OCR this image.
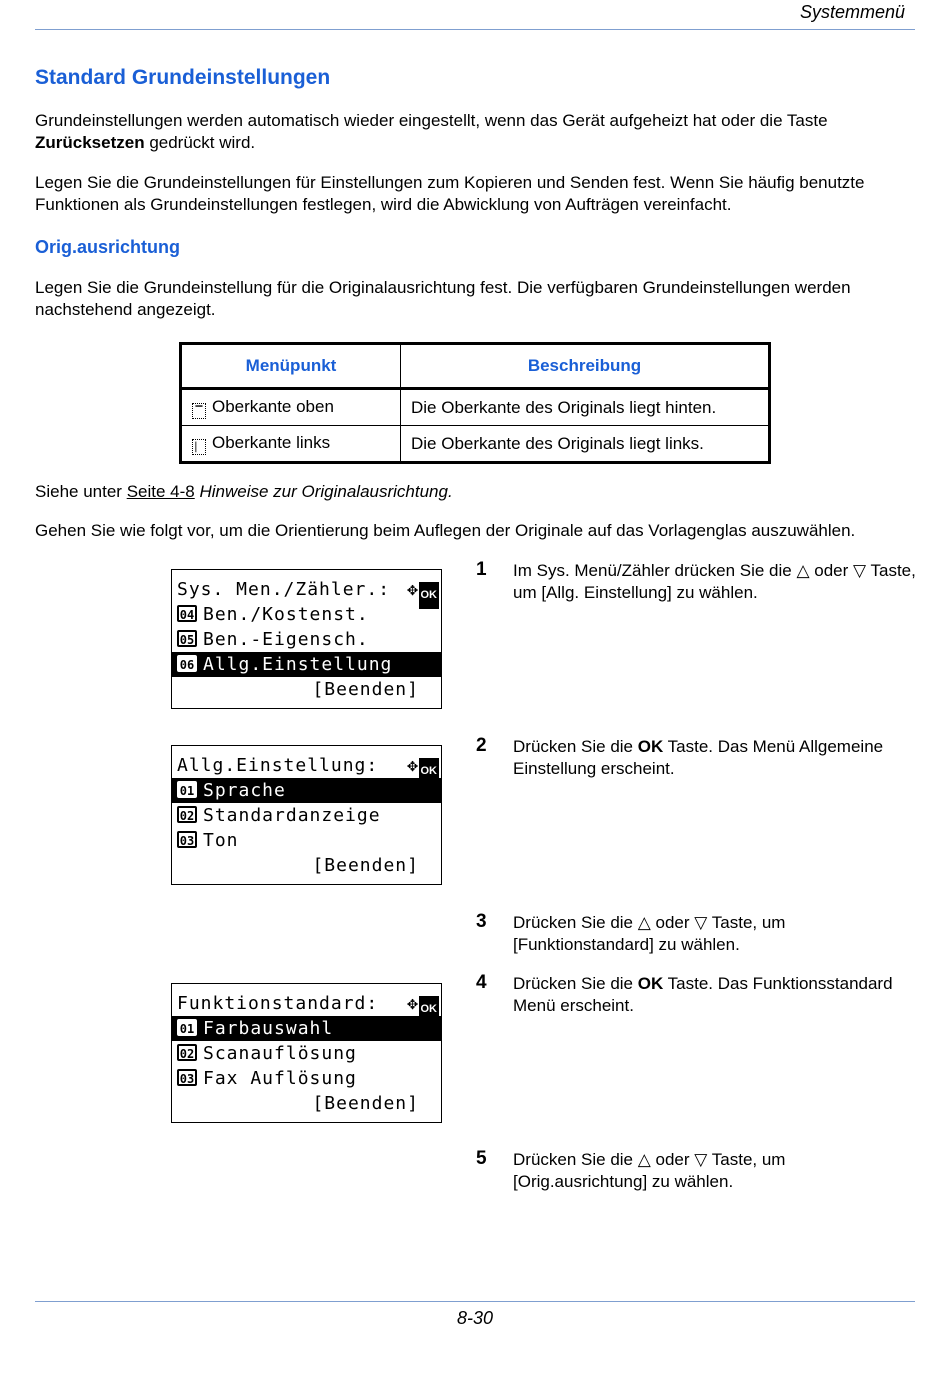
Systemmenü
Standard Grundeinstellungen
Grundeinstellungen werden automatisch wieder eingestellt, wenn das Gerät aufgeheizt hat oder die Taste Zurücksetzen gedrückt wird.
Legen Sie die Grundeinstellungen für Einstellungen zum Kopieren und Senden fest. Wenn Sie häufig benutzte Funktionen als Grundeinstellungen festlegen, wird die Abwicklung von Aufträgen vereinfacht.
Orig.ausrichtung
Legen Sie die Grundeinstellung für die Originalausrichtung fest. Die verfügbaren Grundeinstellungen werden nachstehend angezeigt.
Menüpunkt	Beschreibung
▔ Oberkante oben	Die Oberkante des Originals liegt hinten.
▏ Oberkante links	Die Oberkante des Originals liegt links.
Siehe unter Seite 4-8 Hinweise zur Originalausrichtung.
Gehen Sie wie folgt vor, um die Orientierung beim Auflegen der Originale auf das Vorlagenglas auszuwählen.
Sys. Men./Zähler.: ✥ OK
04 Ben./Kostenst.
05 Ben.-Eigensch.
06 Allg.Einstellung
[Beenden]
Allg.Einstellung: ✥ OK
01 Sprache
02 Standardanzeige
03 Ton
[Beenden]
Funktionstandard: ✥ OK
01 Farbauswahl
02 Scanauflösung
03 Fax Auflösung
[Beenden]
1 Im Sys. Menü/Zähler drücken Sie die △ oder ▽ Taste, um [Allg. Einstellung] zu wählen.
2 Drücken Sie die OK Taste. Das Menü Allgemeine Einstellung erscheint.
3 Drücken Sie die △ oder ▽ Taste, um [Funktionstandard] zu wählen.
4 Drücken Sie die OK Taste. Das Funktionsstandard Menü erscheint.
5 Drücken Sie die △ oder ▽ Taste, um [Orig.ausrichtung] zu wählen.
8-30
